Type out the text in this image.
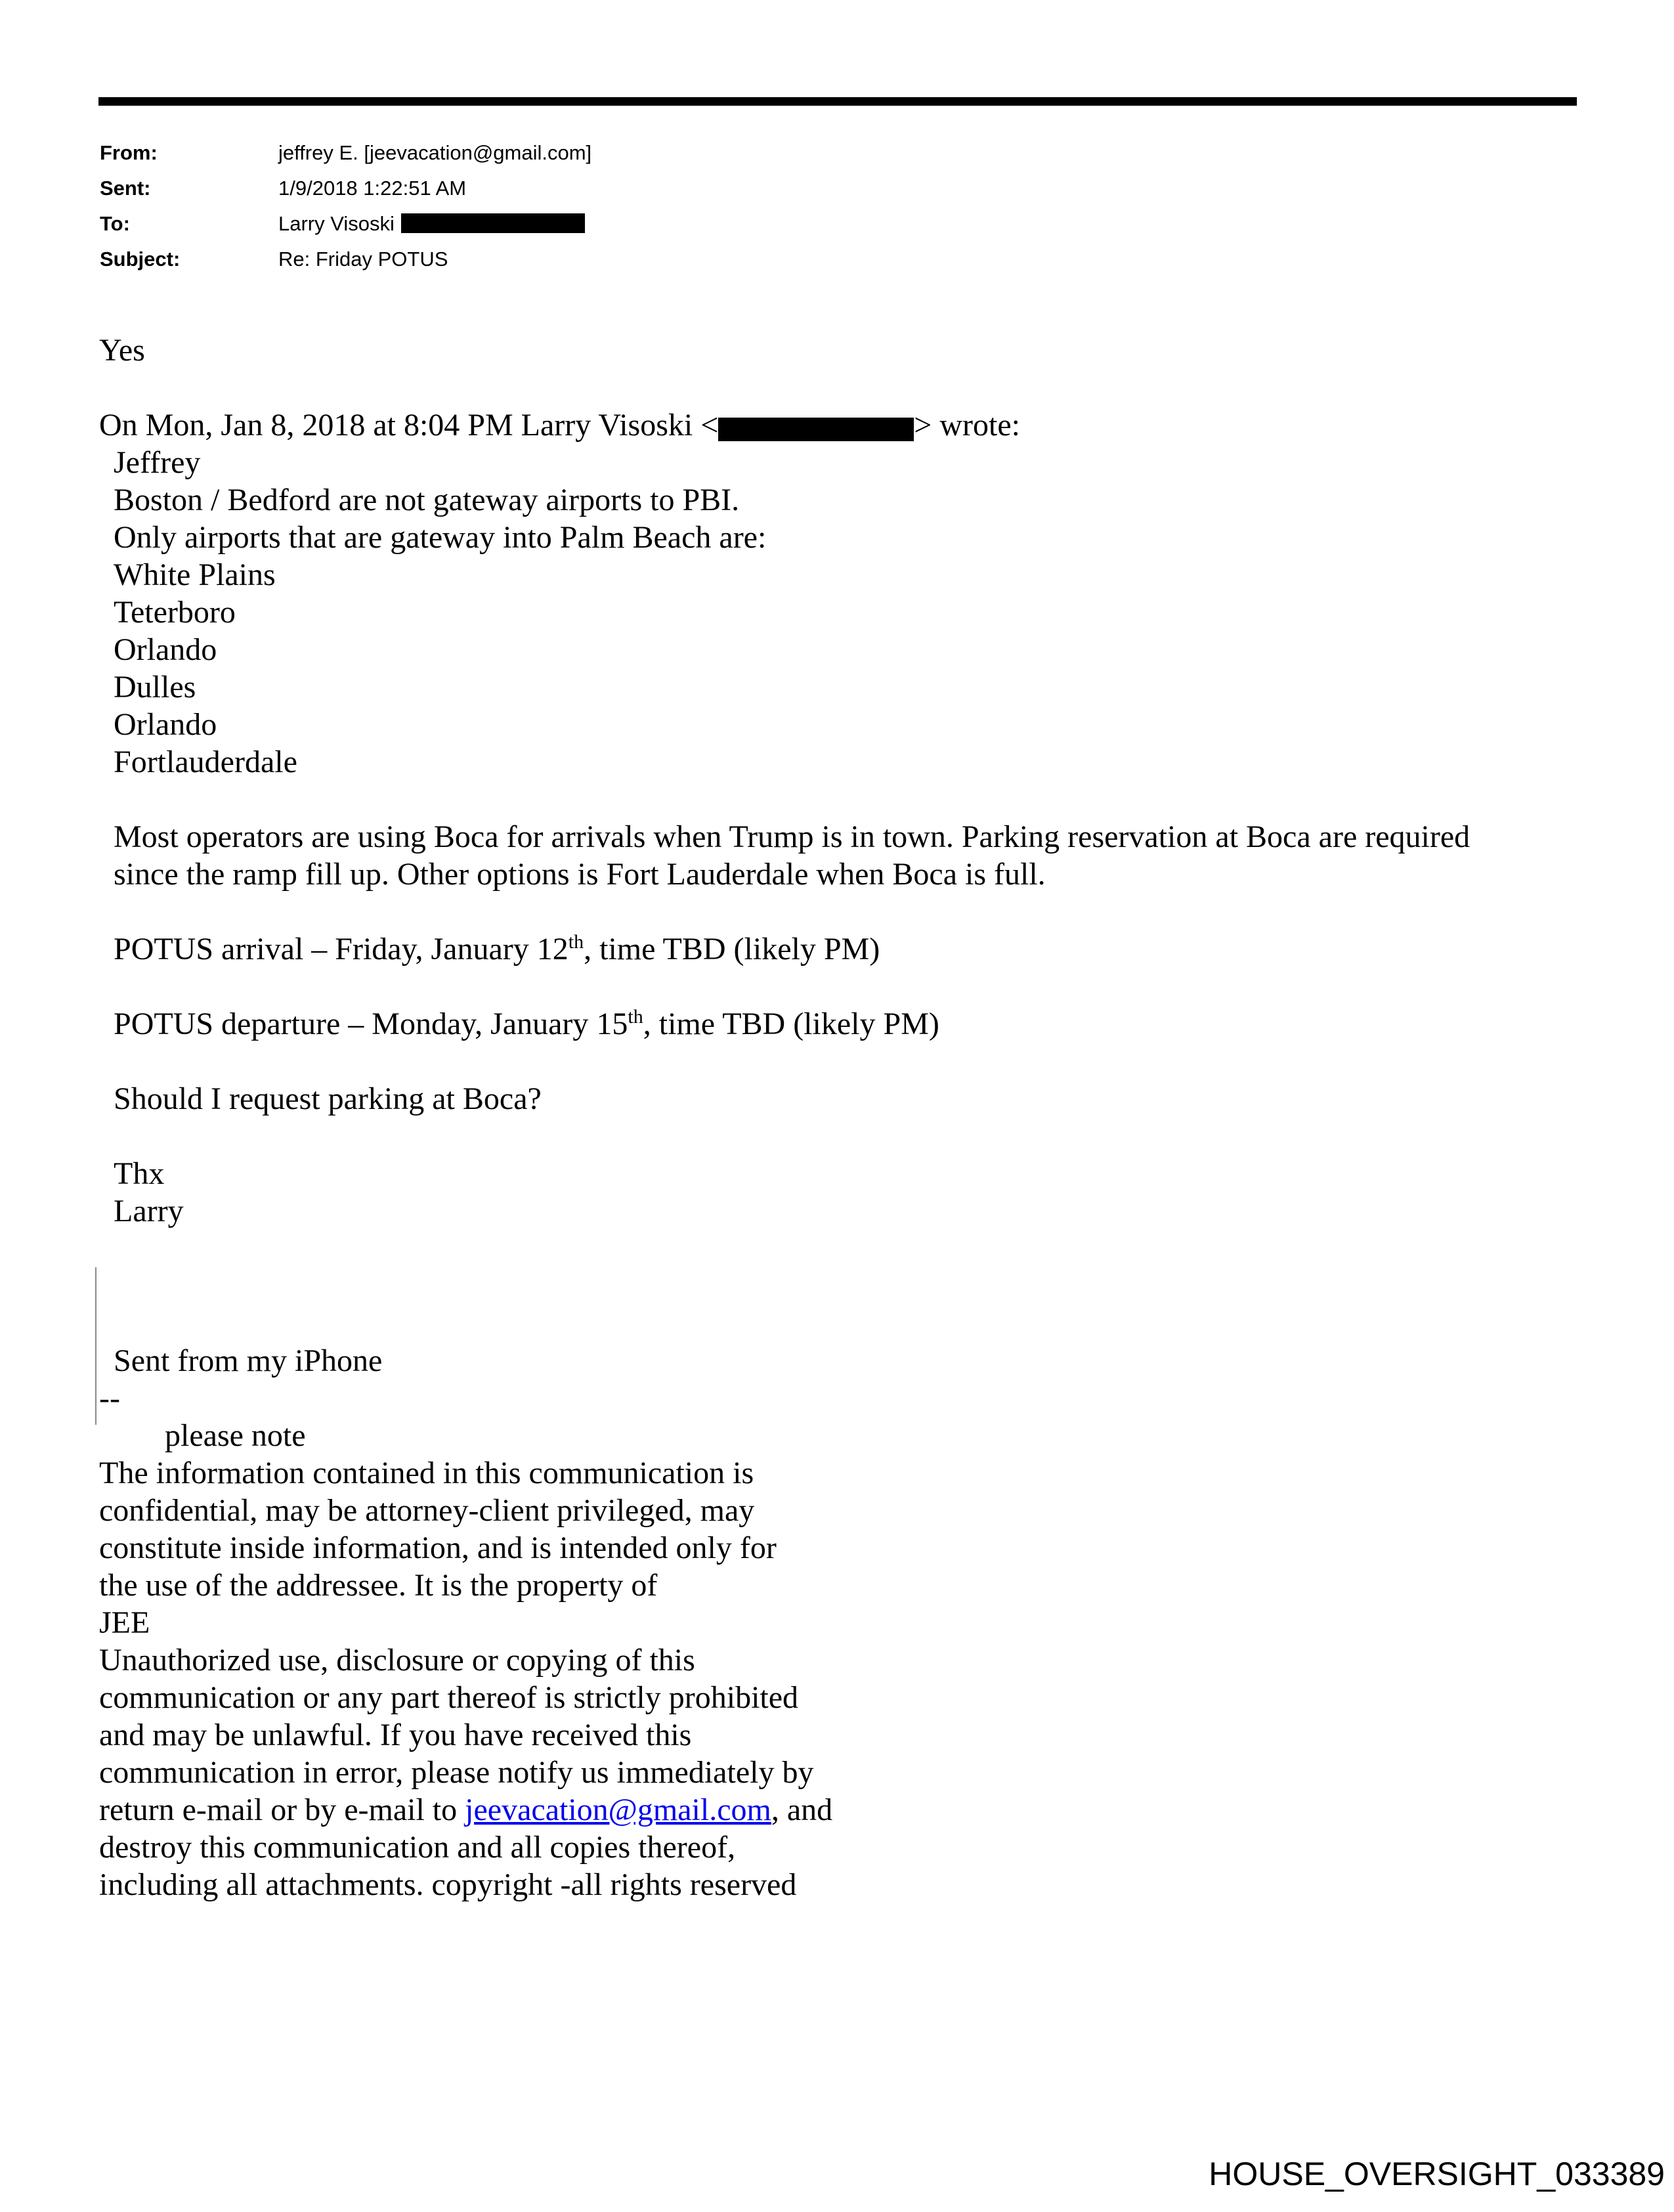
From:	jeffrey E. [jeevacation@gmail.com]
Sent:	1/9/2018 1:22:51 AM
To:	Larry Visoski
Subject:	Re: Friday POTUS
Yes
On Mon, Jan 8, 2018 at 8:04 PM Larry Visoski <	> wrote:
Jeffrey
Boston / Bedford are not gateway airports to PBI.
Only airports that are gateway into Palm Beach are:
White Plains
Teterboro
Orlando
Dulles
Orlando
Fortlauderdale
Most operators are using Boca for arrivals when Trump is in town. Parking reservation at Boca are required since the ramp fill up. Other options is Fort Lauderdale when Boca is full.
POTUS arrival – Friday, January 12th, time TBD (likely PM)
POTUS departure – Monday, January 15th, time TBD (likely PM)
Should I request parking at Boca?
Thx
Larry
Sent from my iPhone
--
please note
The information contained in this communication is
confidential, may be attorney-client privileged, may
constitute inside information, and is intended only for
the use of the addressee. It is the property of
JEE
Unauthorized use, disclosure or copying of this
communication or any part thereof is strictly prohibited
and may be unlawful. If you have received this
communication in error, please notify us immediately by
return e-mail or by e-mail to jeevacation@gmail.com, and
destroy this communication and all copies thereof,
including all attachments. copyright -all rights reserved
HOUSE_OVERSIGHT_033389
